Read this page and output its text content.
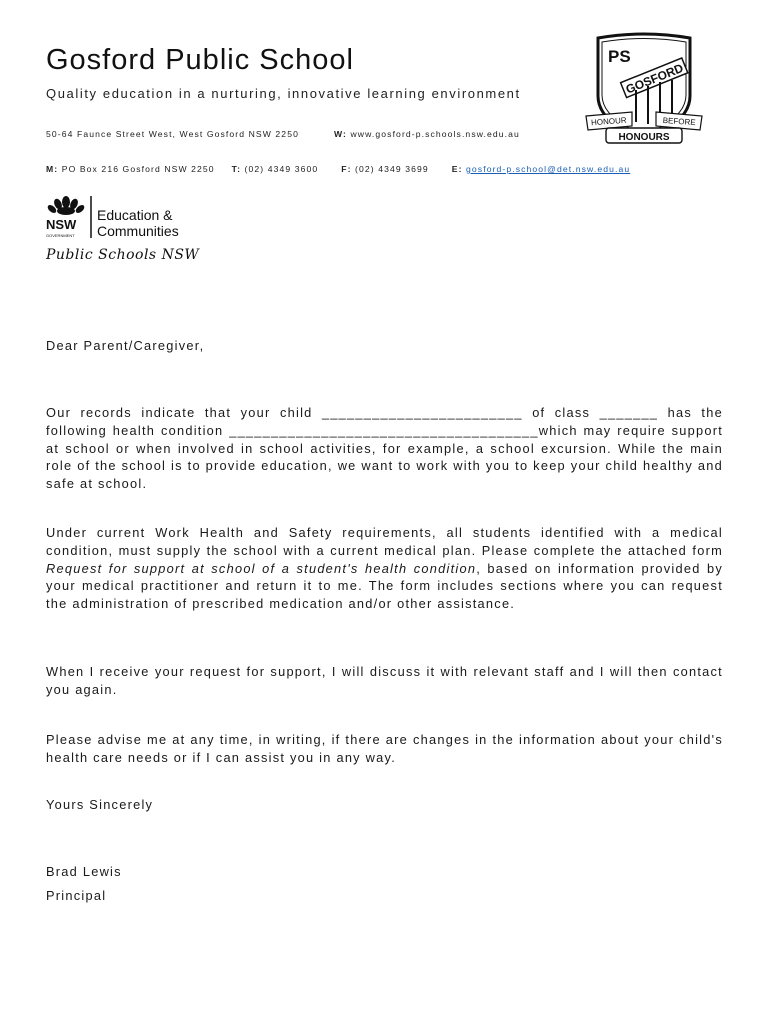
Gosford Public School
Quality education in a nurturing, innovative learning environment
50-64 Faunce Street West, West Gosford NSW 2250	W: www.gosford-p.schools.nsw.edu.au
M: PO Box 216 Gosford NSW 2250 T: (02) 4349 3600	F: (02) 4349 3699	E: gosford-p.school@det.nsw.edu.au
PS
GOSFORD
HONOUR	BEFORE
HONOURS
NSW
GOVERNMENT
Education &
Communities
Public Schools NSW
Dear Parent/Caregiver,
Our records indicate that your child ________________________ of class _______ has the following health condition _____________________________________which may require support at school or when involved in school activities, for example, a school excursion. While the main role of the school is to provide education, we want to work with you to keep your child healthy and safe at school.
Under current Work Health and Safety requirements, all students identified with a medical condition, must supply the school with a current medical plan. Please complete the attached form Request for support at school of a student's health condition, based on information provided by your medical practitioner and return it to me. The form includes sections where you can request the administration of prescribed medication and/or other assistance.
When I receive your request for support, I will discuss it with relevant staff and I will then contact you again.
Please advise me at any time, in writing, if there are changes in the information about your child's health care needs or if I can assist you in any way.
Yours Sincerely
Brad Lewis
Principal
